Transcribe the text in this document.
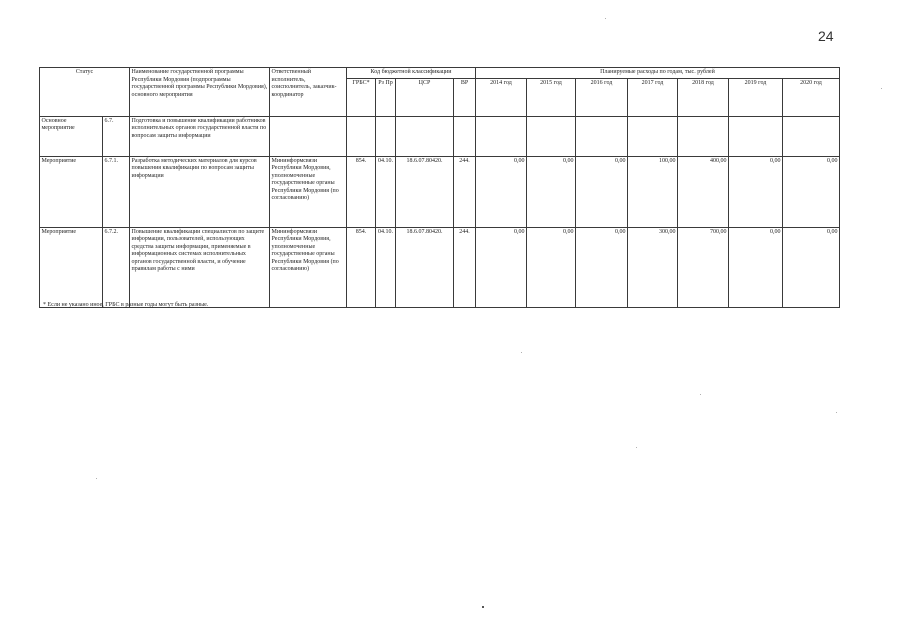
24
Статус		Наименование государственной программы Республики Мордовия (подпрограммы государственной программы Республики Мордовия), основного мероприятия	Ответственный исполнитель, соисполнитель, заказчик-координатор	Код бюджетной классификации				Планируемые расходы по годам, тыс. рублей						
				ГРБС*	Рз Пр	ЦСР	ВР	2014 год	2015 год	2016 год	2017 год	2018 год	2019 год	2020 год
Основное мероприятие	6.7.	Подготовка и повышение квалификации работников исполнительных органов государственной власти по вопросам защиты информации												
Мероприятие	6.7.1.	Разработка методических материалов для курсов повышения квалификации по вопросам защиты информации	Мининформсвязи Республики Мордовия, уполномоченные государственные органы Республики Мордовия (по согласованию)	854.	04.10.	18.6.07.80420.	244.	0,00	0,00	0,00	100,00	400,00	0,00	0,00
Мероприятие	6.7.2.	Повышение квалификации специалистов по защите информации, пользователей, использующих средства защиты информации, применяемые в информационных системах исполнительных органов государственной власти, и обучение правилам работы с ними	Мининформсвязи Республики Мордовия, уполномоченные государственные органы Республики Мордовия (по согласованию)	854.	04.10.	18.6.07.80420.	244.	0,00	0,00	0,00	300,00	700,00	0,00	0,00
* Если не указано иное, ГРБС в разные годы могут быть разные.
